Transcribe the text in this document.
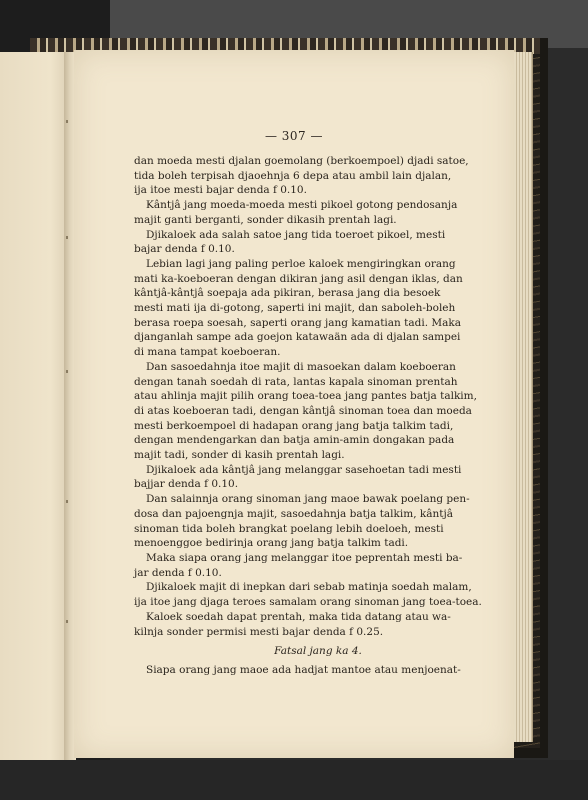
— 307 —

dan moeda mesti djalan goemolang (berkoempoel) djadi satoe,

tida boleh terpisah djaoehnja 6 depa atau ambil lain djalan,

ija itoe mesti bajar denda f 0.10.

Kântjâ jang moeda-moeda mesti pikoel gotong pendosanja

majit ganti berganti, sonder dikasih prentah lagi.

Djikaloek ada salah satoe jang tida toeroet pikoel, mesti

bajar denda f 0.10.

Lebian lagi jang paling perloe kaloek mengiringkan orang

mati ka-koeboeran dengan dikiran jang asil dengan iklas, dan

kântjâ-kântjâ soepaja ada pikiran, berasa jang dia besoek

mesti mati ija di-gotong, saperti ini majit, dan saboleh-boleh

berasa roepa soesah, saperti orang jang kamatian tadi. Maka

djanganlah sampe ada goejon katawaän ada di djalan sampei

di mana tampat koeboeran.

Dan sasoedahnja itoe majit di masoekan dalam koeboeran

dengan tanah soedah di rata, lantas kapala sinoman prentah

atau ahlinja majit pilih orang toea-toea jang pantes batja talkim,

di atas koeboeran tadi, dengan kântjâ sinoman toea dan moeda

mesti berkoempoel di hadapan orang jang batja talkim tadi,

dengan mendengarkan dan batja amin-amin dongakan pada

majit tadi, sonder di kasih prentah lagi.

Djikaloek ada kântjâ jang melanggar sasehoetan tadi mesti

bajjar denda f 0.10.

Dan salainnja orang sinoman jang maoe bawak poelang pen-

dosa dan pajoengnja majit, sasoedahnja batja talkim, kântjâ

sinoman tida boleh brangkat poelang lebih doeloeh, mesti

menoenggoe bedirinja orang jang batja talkim tadi.

Maka siapa orang jang melanggar itoe peprentah mesti ba-

jar denda f 0.10.

Djikaloek majit di inepkan dari sebab matinja soedah malam,

ija itoe jang djaga teroes samalam orang sinoman jang toea-toea.

Kaloek soedah dapat prentah, maka tida datang atau wa-

kilnja sonder permisi mesti bajar denda f 0.25.

Fatsal jang ka 4.

Siapa orang jang maoe ada hadjat mantoe atau menjoenat-
